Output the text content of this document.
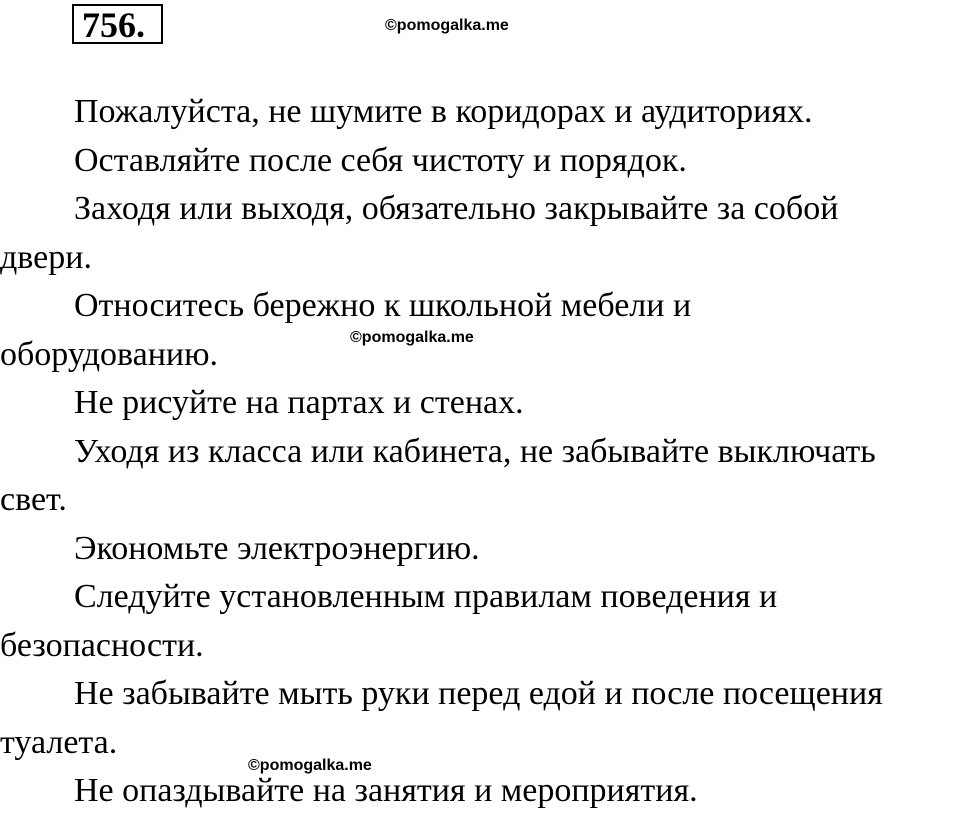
756.	©pomogalka.me
©pomogalka.me
©pomogalka.me

Пожалуйста, не шумите в коридорах и аудиториях.

Оставляйте после себя чистоту и порядок.

Заходя или выходя, обязательно закрывайте за собой
двери.

Относитесь бережно к школьной мебели и
оборудованию.

Не рисуйте на партах и стенах.

Уходя из класса или кабинета, не забывайте выключать
свет.

Экономьте электроэнергию.

Следуйте установленным правилам поведения и
безопасности.

Не забывайте мыть руки перед едой и после посещения
туалета.

Не опаздывайте на занятия и мероприятия.
